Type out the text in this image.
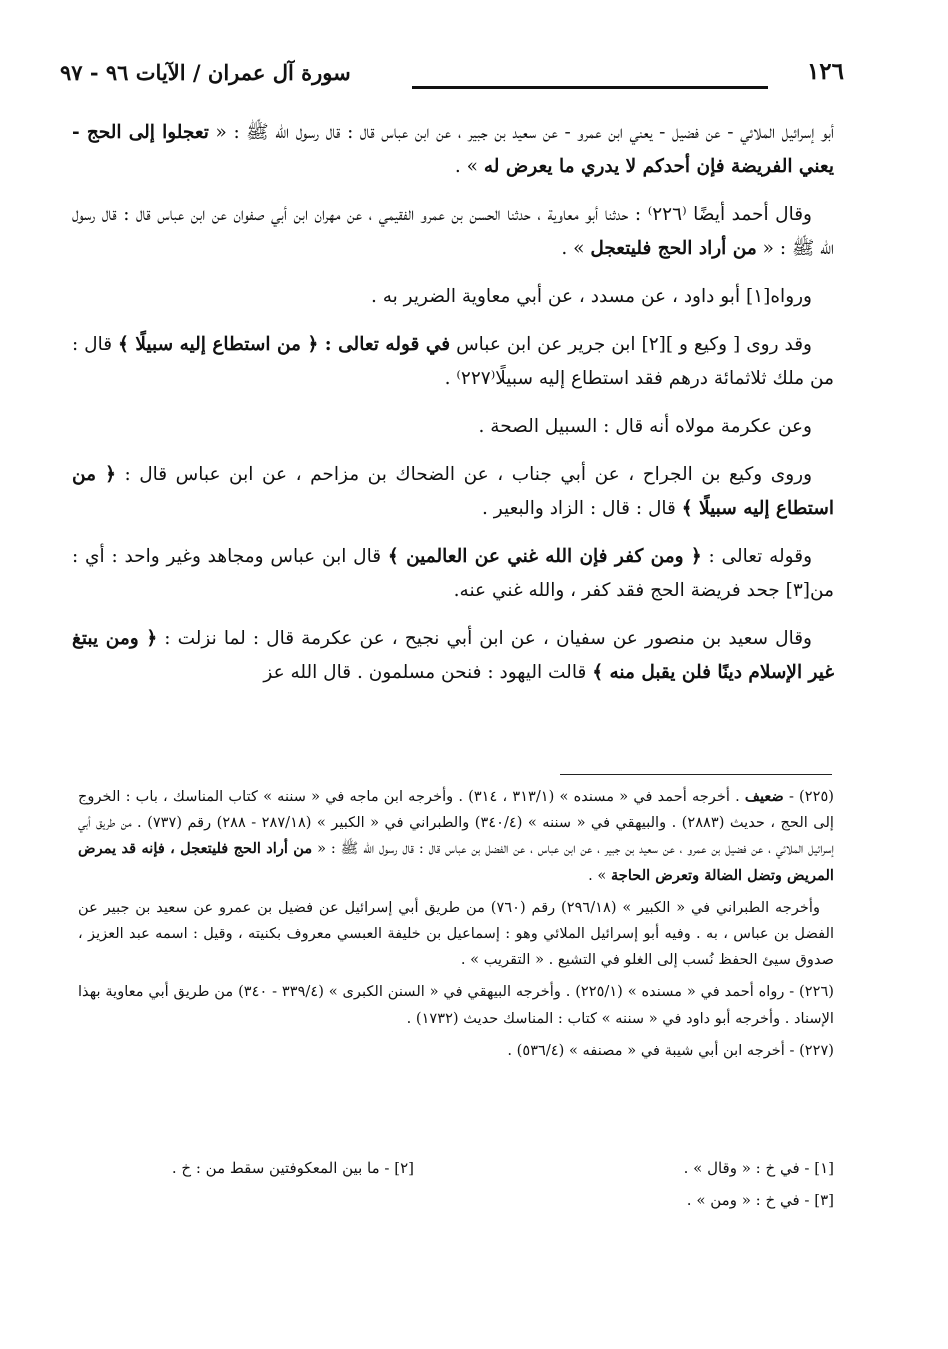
سورة آل عمران / الآيات ٩٦ - ٩٧	١٢٦

أبو إسرائيل الملائي - عن فضيل - يعني ابن عمرو - عن سعيد بن جبير ، عن ابن عباس قال : قال رسول الله ﷺ : « تعجلوا إلى الحج - يعني الفريضة فإن أحدكم لا يدري ما يعرض له » .

وقال أحمد أيضًا ⁽٢٢٦⁾ : حدثنا أبو معاوية ، حدثنا الحسن بن عمرو الفقيمي ، عن مهران ابن أبي صفوان عن ابن عباس قال : قال رسول الله ﷺ : « من أراد الحج فليتعجل » .

ورواه[١] أبو داود ، عن مسدد ، عن أبي معاوية الضرير به .

وقد روى [ وكيع و ][٢] ابن جرير عن ابن عباس في قوله تعالى : ﴿ من استطاع إليه سبيلًا ﴾ قال : من ملك ثلاثمائة درهم فقد استطاع إليه سبيلًا⁽٢٢٧⁾ .

وعن عكرمة مولاه أنه قال : السبيل الصحة .

وروى وكيع بن الجراح ، عن أبي جناب ، عن الضحاك بن مزاحم ، عن ابن عباس قال : ﴿ من استطاع إليه سبيلًا ﴾ قال : قال : الزاد والبعير .

وقوله تعالى : ﴿ ومن كفر فإن الله غني عن العالمين ﴾ قال ابن عباس ومجاهد وغير واحد : أي : من[٣] جحد فريضة الحج فقد كفر ، والله غني عنه.

وقال سعيد بن منصور عن سفيان ، عن ابن أبي نجيح ، عن عكرمة قال : لما نزلت : ﴿ ومن يبتغ غير الإسلام دينًا فلن يقبل منه ﴾ قالت اليهود : فنحن مسلمون . قال الله عز

(٢٢٥) - ضعيف . أخرجه أحمد في « مسنده » (٣١٣/١ ، ٣١٤) . وأخرجه ابن ماجه في « سننه » كتاب المناسك ، باب : الخروج إلى الحج ، حديث (٢٨٨٣) . والبيهقي في « سننه » (٣٤٠/٤) والطبراني في « الكبير » (٢٨٧/١٨ - ٢٨٨) رقم (٧٣٧) . من طريق أبي إسرائيل الملائي ، عن فضيل بن عمرو ، عن سعيد بن جبير ، عن ابن عباس ، عن الفضل بن عباس قال : قال رسول الله ﷺ : « من أراد الحج فليتعجل ، فإنه قد يمرض المريض وتضل الضالة وتعرض الحاجة » .

وأخرجه الطبراني في « الكبير » (٢٩٦/١٨) رقم (٧٦٠) من طريق أبي إسرائيل عن فضيل بن عمرو عن سعيد بن جبير عن الفضل بن عباس ، به . وفيه أبو إسرائيل الملائي وهو : إسماعيل بن خليفة العبسي معروف بكنيته ، وقيل : اسمه عبد العزيز ، صدوق سيئ الحفظ نُسب إلى الغلو في التشيع . « التقريب » .

(٢٢٦) - رواه أحمد في « مسنده » (٢٢٥/١) . وأخرجه البيهقي في « السنن الكبرى » (٣٣٩/٤ - ٣٤٠) من طريق أبي معاوية بهذا الإسناد . وأخرجه أبو داود في « سننه » كتاب : المناسك حديث (١٧٣٢) .

(٢٢٧) - أخرجه ابن أبي شيبة في « مصنفه » (٥٣٦/٤) .

[١] - في خ : « وقال » .
[٢] - ما بين المعكوفتين سقط من : خ .
[٣] - في خ : « ومن » .
